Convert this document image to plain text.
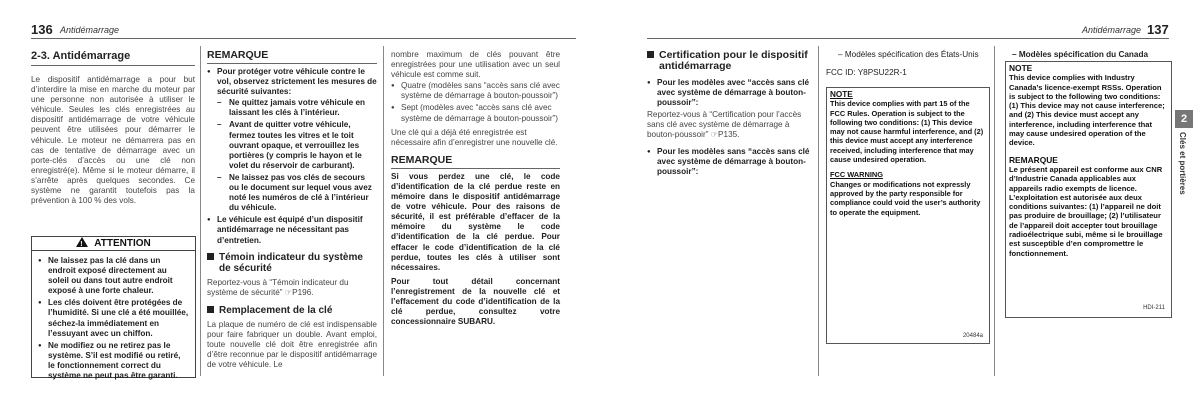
136 Antidémarrage
2-3. Antidémarrage

Le dispositif antidémarrage a pour but d’interdire la mise en marche du moteur par une personne non autorisée à utiliser le véhicule. Seules les clés enregistrées au dispositif antidémarrage de votre véhicule peuvent être utilisées pour démarrer le véhicule. Le moteur ne démarrera pas en cas de tentative de démarrage avec un porte-clés d’accès ou une clé non enregistré(e). Même si le moteur démarre, il s’arrête après quelques secondes. Ce système ne garantit toutefois pas la prévention à 100 % des vols.

! ATTENTION
● Ne laissez pas la clé dans un endroit exposé directement au soleil ou dans tout autre endroit exposé à une forte chaleur.
● Les clés doivent être protégées de l’humidité. Si une clé a été mouillée, séchez-la immédiatement en l’essuyant avec un chiffon.
● Ne modifiez ou ne retirez pas le système. S’il est modifié ou retiré, le fonctionnement correct du système ne peut pas être garanti.
REMARQUE
● Pour protéger votre véhicule contre le vol, observez strictement les mesures de sécurité suivantes:
– Ne quittez jamais votre véhicule en laissant les clés à l’intérieur.
– Avant de quitter votre véhicule, fermez toutes les vitres et le toit ouvrant opaque, et verrouillez les portières (y compris le hayon et le volet du réservoir de carburant).
– Ne laissez pas vos clés de secours ou le document sur lequel vous avez noté les numéros de clé à l’intérieur du véhicule.
● Le véhicule est équipé d’un dispositif antidémarrage ne nécessitant pas d’entretien.
Témoin indicateur du système de sécurité

Reportez-vous à “Témoin indicateur du système de sécurité” ☞P196.

Remplacement de la clé

La plaque de numéro de clé est indispensable pour faire fabriquer un double. Avant emploi, toute nouvelle clé doit être enregistrée afin d’être reconnue par le dispositif antidémarrage de votre véhicule. Le

nombre maximum de clés pouvant être enregistrées pour une utilisation avec un seul véhicule est comme suit.

● Quatre (modèles sans “accès sans clé avec système de démarrage à bouton-poussoir”)
● Sept (modèles avec “accès sans clé avec système de démarrage à bouton-poussoir”)

Une clé qui a déjà été enregistrée est nécessaire afin d’enregistrer une nouvelle clé.

REMARQUE

Si vous perdez une clé, le code d’identification de la clé perdue reste en mémoire dans le dispositif antidémarrage de votre véhicule. Pour des raisons de sécurité, il est préférable d’effacer de la mémoire du système le code d’identification de la clé perdue. Pour effacer le code d’identification de la clé perdue, toutes les clés à utiliser sont nécessaires.

Pour tout détail concernant l’enregistrement de la nouvelle clé et l’effacement du code d’identification de la clé perdue, consultez votre concessionnaire SUBARU.

Antidémarrage 137
Certification pour le dispositif antidémarrage
● Pour les modèles avec “accès sans clé avec système de démarrage à bouton-poussoir”:

Reportez-vous à “Certification pour l’accès sans clé avec système de démarrage à bouton-poussoir” ☞P135.

● Pour les modèles sans “accès sans clé avec système de démarrage à bouton-poussoir”:

– Modèles spécification des États-Unis

FCC ID: Y8PSU22R-1

NOTE
This device complies with part 15 of the FCC Rules. Operation is subject to the following two conditions: (1) This device may not cause harmful interference, and (2) this device must accept any interference received, including interference that may cause undesired operation.
FCC WARNING
Changes or modifications not expressly approved by the party responsible for compliance could void the user’s authority to operate the equipment.
20484a

– Modèles spécification du Canada

NOTE
This device complies with Industry Canada’s licence-exempt RSSs. Operation is subject to the following two conditions: (1) This device may not cause interference; and (2) This device must accept any interference, including interference that may cause undesired operation of the device.
REMARQUE
Le présent appareil est conforme aux CNR d’Industrie Canada applicables aux appareils radio exempts de licence. L’exploitation est autorisée aux deux conditions suivantes: (1) l’appareil ne doit pas produire de brouillage; (2) l’utilisateur de l’appareil doit accepter tout brouillage radioélectrique subi, même si le brouillage est susceptible d’en compromettre le fonctionnement.
HDI-211
2
Clés et portières
